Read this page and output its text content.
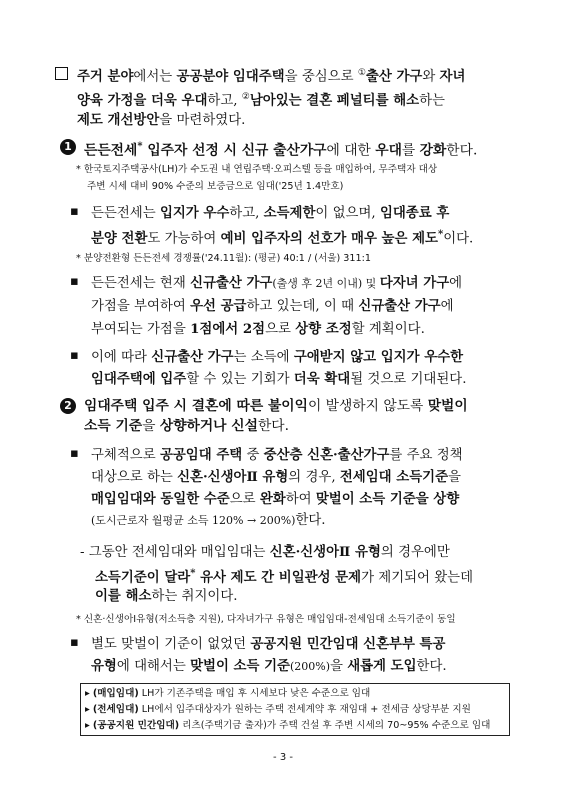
주거 분야에서는 공공분야 임대주택을 중심으로 ①출산 가구와 자녀
양육 가정을 더욱 우대하고, ②남아있는 결혼 페널티를 해소하는
제도 개선방안을 마련하였다.
1 든든전세* 입주자 선정 시 신규 출산가구에 대한 우대를 강화한다.
* 한국토지주택공사(LH)가 수도권 내 연립주택·오피스텔 등을 매입하여, 무주택자 대상
주변 시세 대비 90% 수준의 보증금으로 임대('25년 1.4만호)
▪ 든든전세는 입지가 우수하고, 소득제한이 없으며, 임대종료 후
분양 전환도 가능하여 예비 입주자의 선호가 매우 높은 제도*이다.
* 분양전환형 든든전세 경쟁률('24.11월): (평균) 40:1 / (서울) 311:1
▪ 든든전세는 현재 신규출산 가구(출생 후 2년 이내) 및 다자녀 가구에
가점을 부여하여 우선 공급하고 있는데, 이 때 신규출산 가구에
부여되는 가점을 1점에서 2점으로 상향 조정할 계획이다.
▪ 이에 따라 신규출산 가구는 소득에 구애받지 않고 입지가 우수한
임대주택에 입주할 수 있는 기회가 더욱 확대될 것으로 기대된다.
2 임대주택 입주 시 결혼에 따른 불이익이 발생하지 않도록 맞벌이
소득 기준을 상향하거나 신설한다.
▪ 구체적으로 공공임대 주택 중 중산층 신혼·출산가구를 주요 정책
대상으로 하는 신혼·신생아Ⅱ 유형의 경우, 전세임대 소득기준을
매입임대와 동일한 수준으로 완화하여 맞벌이 소득 기준을 상향
(도시근로자 월평균 소득 120% → 200%)한다.
- 그동안 전세임대와 매입임대는 신혼·신생아Ⅱ 유형의 경우에만
소득기준이 달라* 유사 제도 간 비일관성 문제가 제기되어 왔는데
이를 해소하는 취지이다.
* 신혼·신생아Ⅰ유형(저소득층 지원), 다자녀가구 유형은 매입임대-전세임대 소득기준이 동일
▪ 별도 맞벌이 기준이 없었던 공공지원 민간임대 신혼부부 특공
유형에 대해서는 맞벌이 소득 기준(200%)을 새롭게 도입한다.
▸ (매입임대) LH가 기존주택을 매입 후 시세보다 낮은 수준으로 임대
▸ (전세임대) LH에서 입주대상자가 원하는 주택 전세계약 후 재임대 + 전세금 상당부분 지원
▸ (공공지원 민간임대) 리츠(주택기금 출자)가 주택 건설 후 주변 시세의 70~95% 수준으로 임대
- 3 -
